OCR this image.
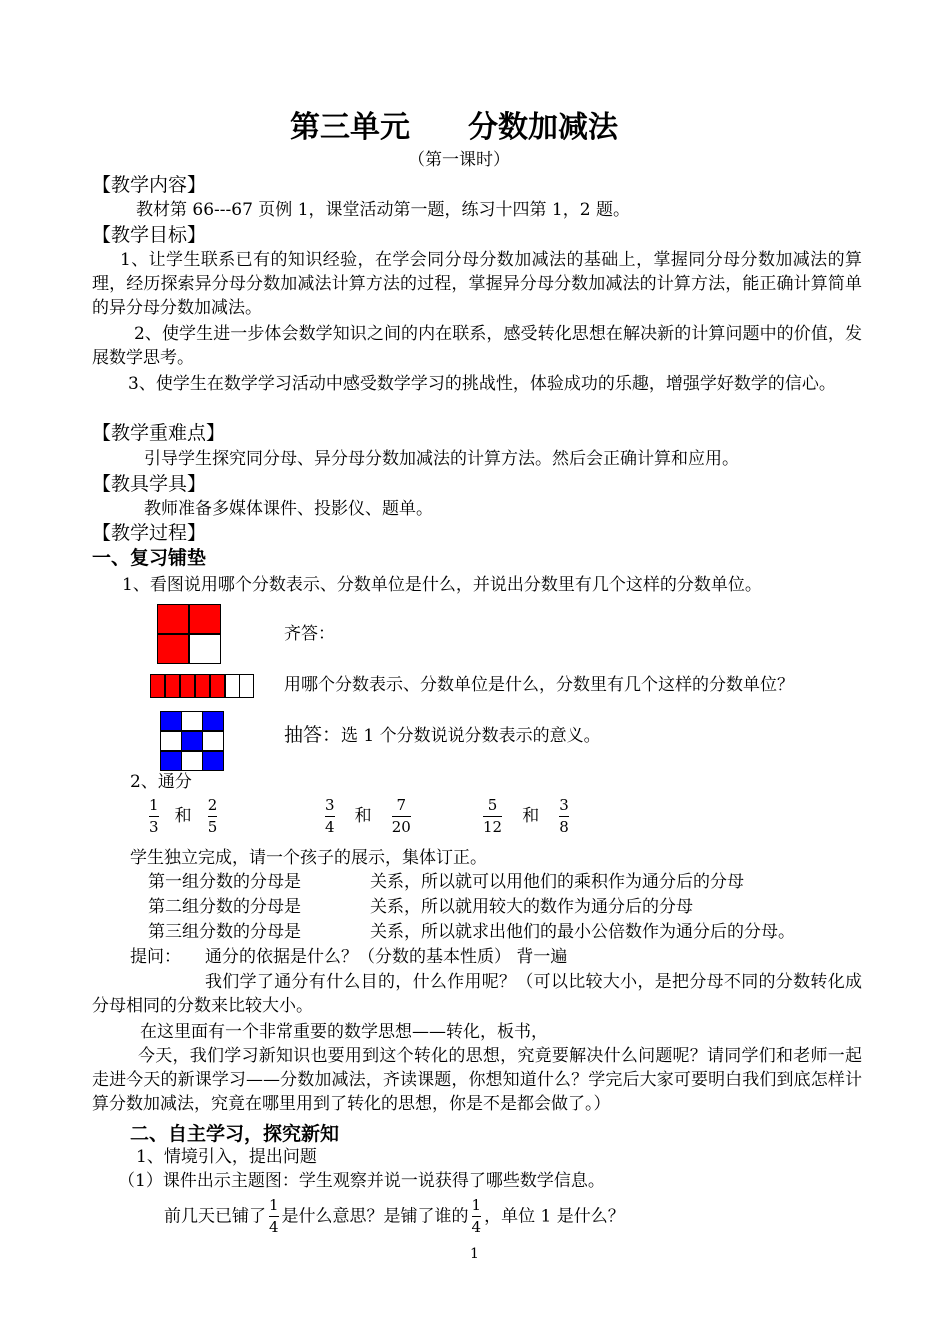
第三单元 分数加减法
（第一课时）
【教学内容】
教材第 66---67 页例 1，课堂活动第一题，练习十四第 1，2 题。
【教学目标】
1、让学生联系已有的知识经验，在学会同分母分数加减法的基础上，掌握同分母分数加减法的算理，经历探索异分母分数加减法计算方法的过程，掌握异分母分数加减法的计算方法，能正确计算简单的异分母分数加减法。
2、使学生进一步体会数学知识之间的内在联系，感受转化思想在解决新的计算问题中的价值，发展数学思考。
3、使学生在数学学习活动中感受数学学习的挑战性，体验成功的乐趣，增强学好数学的信心。
【教学重难点】
引导学生探究同分母、异分母分数加减法的计算方法。然后会正确计算和应用。
【教具学具】
教师准备多媒体课件、投影仪、题单。
【教学过程】
一、复习铺垫
1、看图说用哪个分数表示、分数单位是什么，并说出分数里有几个这样的分数单位。
齐答：
用哪个分数表示、分数单位是什么，分数里有几个这样的分数单位？
抽答：选 1 个分数说说分数表示的意义。
2、通分
$\frac{1}{3}$ 和 $\frac{2}{5}$	$\frac{3}{4}$ 和 $\frac{7}{20}$	$\frac{5}{12}$ 和 $\frac{3}{8}$
学生独立完成，请一个孩子的展示，集体订正。
第一组分数的分母是	关系，所以就可以用他们的乘积作为通分后的分母
第二组分数的分母是	关系，所以就用较大的数作为通分后的分母
第三组分数的分母是	关系，所以就求出他们的最小公倍数作为通分后的分母。
提问： 通分的依据是什么？（分数的基本性质） 背一遍
我们学了通分有什么目的，什么作用呢？（可以比较大小，是把分母不同的分数转化成分母相同的分数来比较大小。
在这里面有一个非常重要的数学思想——转化，板书，
今天，我们学习新知识也要用到这个转化的思想，究竟要解决什么问题呢？请同学们和老师一起走进今天的新课学习——分数加减法，齐读课题，你想知道什么？学完后大家可要明白我们到底怎样计算分数加减法，究竟在哪里用到了转化的思想，你是不是都会做了。）
二、自主学习，探究新知
1、情境引入，提出问题
（1）课件出示主题图：学生观察并说一说获得了哪些数学信息。
前几天已铺了 $\frac{1}{4}$ 是什么意思？是铺了谁的 $\frac{1}{4}$ ，单位 1 是什么？
1
